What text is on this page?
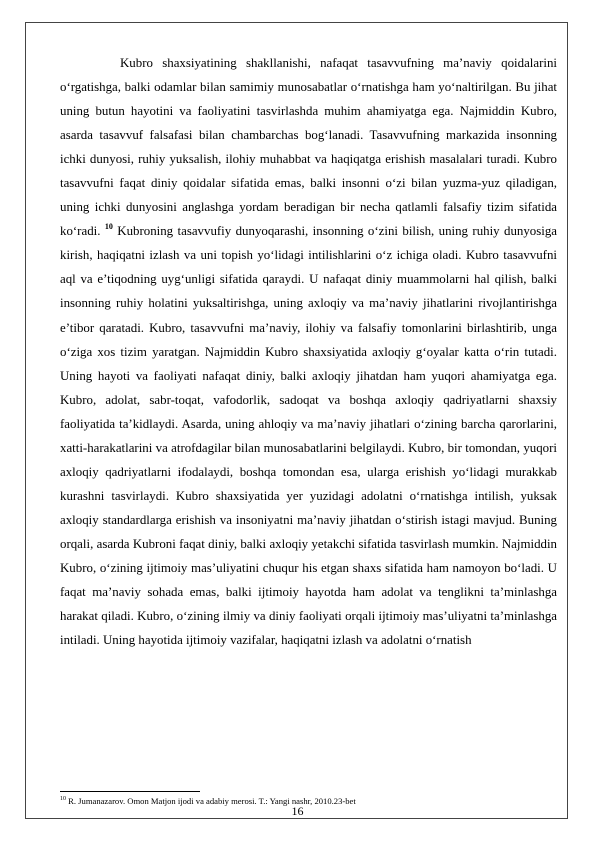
Kubro shaxsiyatining shakllanishi, nafaqat tasavvufning ma’naviy qoidalarini o‘rgatishga, balki odamlar bilan samimiy munosabatlar o‘rnatishga ham yo‘naltirilgan. Bu jihat uning butun hayotini va faoliyatini tasvirlashda muhim ahamiyatga ega. Najmiddin Kubro, asarda tasavvuf falsafasi bilan chambarchas bog‘lanadi. Tasavvufning markazida insonning ichki dunyosi, ruhiy yuksalish, ilohiy muhabbat va haqiqatga erishish masalalari turadi. Kubro tasavvufni faqat diniy qoidalar sifatida emas, balki insonni o‘zi bilan yuzma-yuz qiladigan, uning ichki dunyosini anglashga yordam beradigan bir necha qatlamli falsafiy tizim sifatida ko‘radi. $^{10}$ Kubroning tasavvufiy dunyoqarashi, insonning o‘zini bilish, uning ruhiy dunyosiga kirish, haqiqatni izlash va uni topish yo‘lidagi intilishlarini o‘z ichiga oladi. Kubro tasavvufni aql va e’tiqodning uyg‘unligi sifatida qaraydi. U nafaqat diniy muammolarni hal qilish, balki insonning ruhiy holatini yuksaltirishga, uning axloqiy va ma’naviy jihatlarini rivojlantirishga e’tibor qaratadi. Kubro, tasavvufni ma’naviy, ilohiy va falsafiy tomonlarini birlashtirib, unga o‘ziga xos tizim yaratgan. Najmiddin Kubro shaxsiyatida axloqiy g‘oyalar katta o‘rin tutadi. Uning hayoti va faoliyati nafaqat diniy, balki axloqiy jihatdan ham yuqori ahamiyatga ega. Kubro, adolat, sabr-toqat, vafodorlik, sadoqat va boshqa axloqiy qadriyatlarni shaxsiy faoliyatida ta’kidlaydi. Asarda, uning ahloqiy va ma’naviy jihatlari o‘zining barcha qarorlarini, xatti-harakatlarini va atrofdagilar bilan munosabatlarini belgilaydi. Kubro, bir tomondan, yuqori axloqiy qadriyatlarni ifodalaydi, boshqa tomondan esa, ularga erishish yo‘lidagi murakkab kurashni tasvirlaydi. Kubro shaxsiyatida yer yuzidagi adolatni o‘rnatishga intilish, yuksak axloqiy standardlarga erishish va insoniyatni ma’naviy jihatdan o‘stirish istagi mavjud. Buning orqali, asarda Kubroni faqat diniy, balki axloqiy yetakchi sifatida tasvirlash mumkin. Najmiddin Kubro, o‘zining ijtimoiy mas’uliyatini chuqur his etgan shaxs sifatida ham namoyon bo‘ladi. U faqat ma’naviy sohada emas, balki ijtimoiy hayotda ham adolat va tenglikni ta’minlashga harakat qiladi. Kubro, o‘zining ilmiy va diniy faoliyati orqali ijtimoiy mas’uliyatni ta’minlashga intiladi. Uning hayotida ijtimoiy vazifalar, haqiqatni izlash va adolatni o‘rnatish

$^{10}$ R. Jumanazarov. Omon Matjon ijodi va adabiy merosi. T.: Yangi nashr, 2010.23-bet
16
